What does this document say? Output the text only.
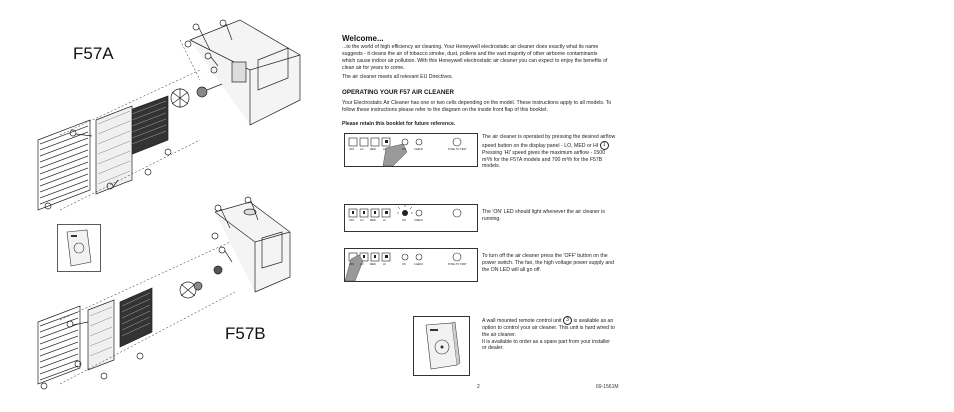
F57A
F57B
Welcome...
...to the world of high efficiency air cleaning. Your Honeywell electrostatic air cleaner does exactly what its name suggests - it cleans the air of tobacco smoke, dust, pollens and the vast majority of other airborne contaminants which cause indoor air pollution. With this Honeywell electrostatic air cleaner you can expect to enjoy the benefits of clean air for years to come.
The air cleaner meets all relevant EU Directives.
OPERATING YOUR F57 AIR CLEANER
Your Electrostatic Air Cleaner has one or two cells depending on the model. These instructions apply to all models. To follow these instructions please refer to the diagram on the inside front flap of this booklet.
Please retain this booklet for future reference.
OFF LO	MED	HI	ON	CHECK	PUSH TO TEST
The air cleaner is operated by pressing the desired airflow speed button on the display panel - LO, MED or HI 1
Pressing 'HI' speed gives the maximum airflow - 1500 m³/h for the F57A models and 700 m³/h for the F57B models.
OFF LO	MED	HI	ON	CHECK
The 'ON' LED should light whenever the air cleaner is running.
OFF LO	MED	HI	ON	CHECK	PUSH TO TEST
To turn off the air cleaner press the 'OFF' button on the power switch. The fan, the high voltage power supply and the ON LED will all go off.
A wall mounted remote control unit 3 is available as an option to control your air cleaner. This unit is hard wired to the air cleaner.
It is available to order as a spare part from your installer or dealer.
2	69-1561M
